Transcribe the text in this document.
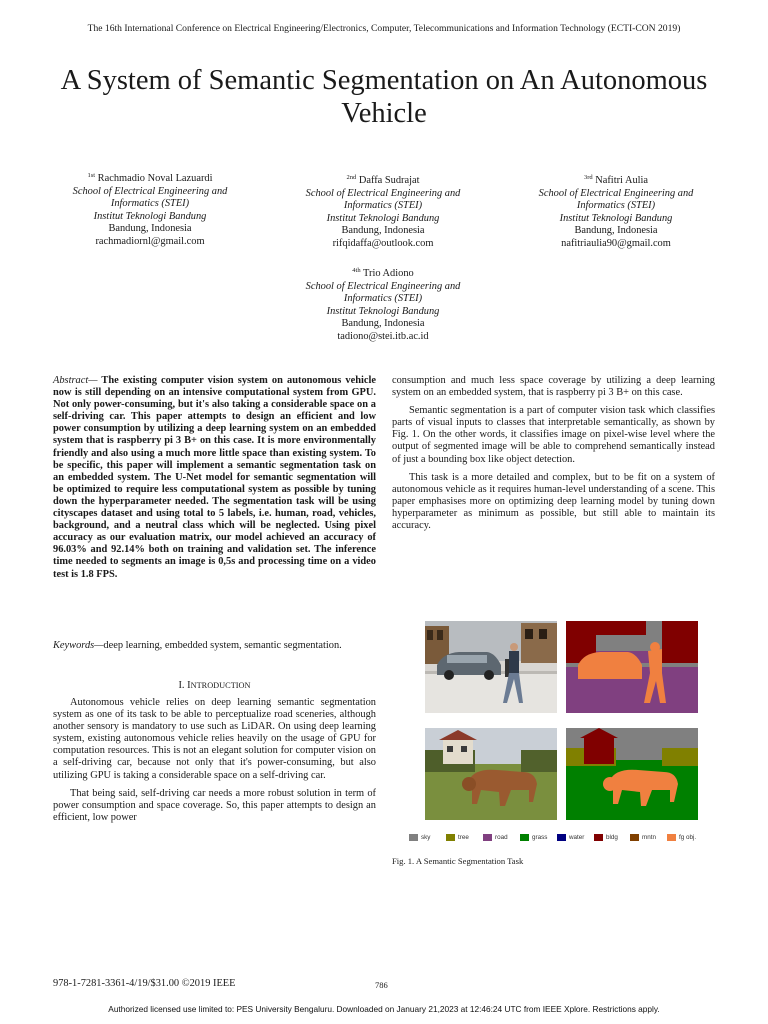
The 16th International Conference on Electrical Engineering/Electronics, Computer, Telecommunications and Information Technology (ECTI-CON 2019)
A System of Semantic Segmentation on An Autonomous Vehicle
$^{1st}$ Rachmadio Noval Lazuardi
School of Electrical Engineering and Informatics (STEI)
Institut Teknologi Bandung
Bandung, Indonesia
rachmadiornl@gmail.com
$^{2nd}$ Daffa Sudrajat
School of Electrical Engineering and Informatics (STEI)
Institut Teknologi Bandung
Bandung, Indonesia
rifqidaffa@outlook.com
$^{3rd}$ Nafitri Aulia
School of Electrical Engineering and Informatics (STEI)
Institut Teknologi Bandung
Bandung, Indonesia
nafitriaulia90@gmail.com
$^{4th}$ Trio Adiono
School of Electrical Engineering and Informatics (STEI)
Institut Teknologi Bandung
Bandung, Indonesia
tadiono@stei.itb.ac.id
Abstract— The existing computer vision system on autonomous vehicle now is still depending on an intensive computational system from GPU. Not only power-consuming, but it's also taking a considerable space on a self-driving car. This paper attempts to design an efficient and low power consumption by utilizing a deep learning system on an embedded system that is raspberry pi 3 B+ on this case. It is more environmentally friendly and also using a much more little space than existing system. To be specific, this paper will implement a semantic segmentation task on an embedded system. The U-Net model for semantic segmentation will be optimized to require less computational system as possible by tuning down the hyperparameter needed. The segmentation task will be using cityscapes dataset and using total to 5 labels, i.e. human, road, vehicles, background, and a neutral class which will be neglected. Using pixel accuracy as our evaluation matrix, our model achieved an accuracy of 96.03% and 92.14% both on training and validation set. The inference time needed to segments an image is 0,5s and processing time on a video test is 1.8 FPS.
Keywords—deep learning, embedded system, semantic segmentation.
I. INTRODUCTION

Autonomous vehicle relies on deep learning semantic segmentation system as one of its task to be able to perceptualize road sceneries, although another sensory is mandatory to use such as LiDAR. On using deep learning system, existing autonomous vehicle relies heavily on the usage of GPU for computation resources. This is not an elegant solution for computer vision on a self-driving car, because not only that it's power-consuming, but also utilizing GPU is taking a considerable space on a self-driving car.

That being said, self-driving car needs a more robust solution in term of power consumption and space coverage. So, this paper attempts to design an efficient, low power

consumption and much less space coverage by utilizing a deep learning system on an embedded system, that is raspberry pi 3 B+ on this case.

Semantic segmentation is a part of computer vision task which classifies parts of visual inputs to classes that interpretable semantically, as shown by Fig. 1. On the other words, it classifies image on pixel-wise level where the output of segmented image will be able to comprehend semantically instead of just a bounding box like object detection.

This task is a more detailed and complex, but to be fit on a system of autonomous vehicle as it requires human-level understanding of a scene. This paper emphasises more on optimizing deep learning model by tuning down hyperparameter as minimum as possible, but still able to maintain its accuracy.

sky	tree	road	grass	water	bldg	mntn	fg obj.
Fig. 1. A Semantic Segmentation Task
978-1-7281-3361-4/19/$31.00 ©2019 IEEE	786
Authorized licensed use limited to: PES University Bengaluru. Downloaded on January 21,2023 at 12:46:24 UTC from IEEE Xplore. Restrictions apply.
